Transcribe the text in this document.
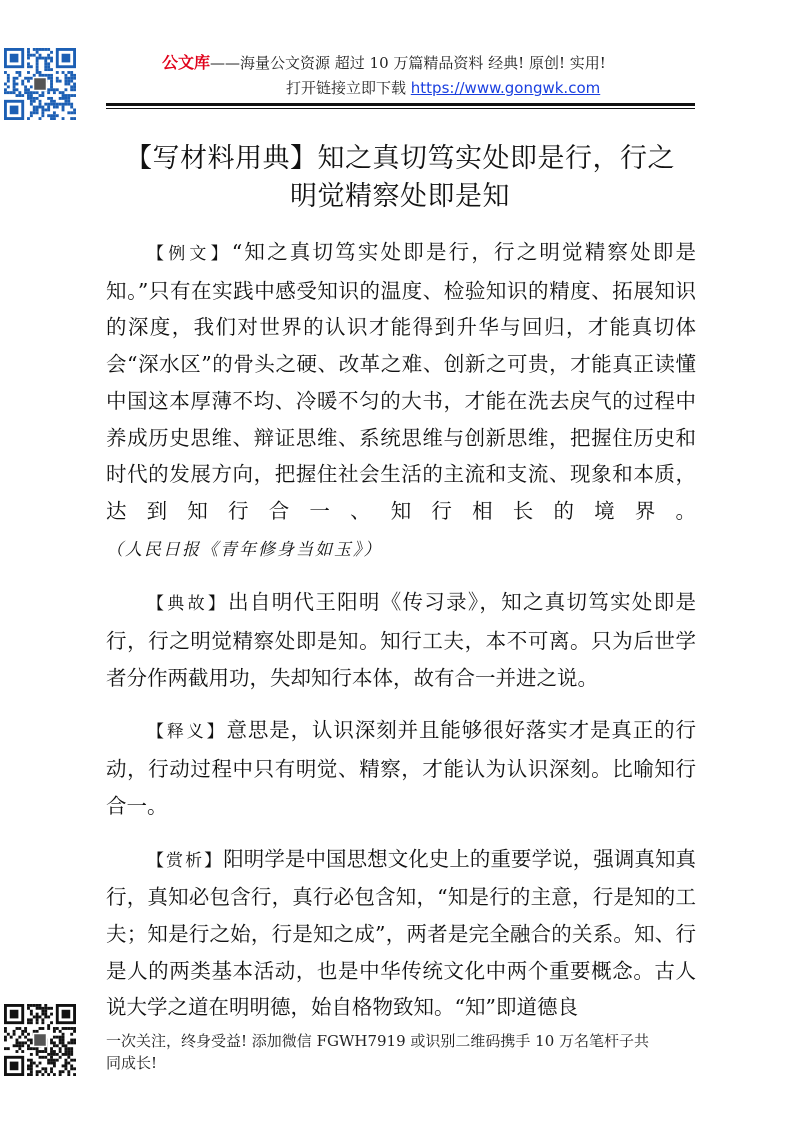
公文库——海量公文资源 超过 10 万篇精品资料 经典! 原创! 实用!
打开链接立即下载 https://www.gongwk.com
【写材料用典】知之真切笃实处即是行，行之
明觉精察处即是知

【例文】“知之真切笃实处即是行，行之明觉精察处即是知。”只有在实践中感受知识的温度、检验知识的精度、拓展知识的深度，我们对世界的认识才能得到升华与回归，才能真切体会“深水区”的骨头之硬、改革之难、创新之可贵，才能真正读懂中国这本厚薄不均、冷暖不匀的大书，才能在洗去戾气的过程中养成历史思维、辩证思维、系统思维与创新思维，把握住历史和时代的发展方向，把握住社会生活的主流和支流、现象和本质，达到知行合一、知行相长的境界。 （人民日报《青年修身当如玉》）

【典故】出自明代王阳明《传习录》，知之真切笃实处即是行，行之明觉精察处即是知。知行工夫，本不可离。只为后世学者分作两截用功，失却知行本体，故有合一并进之说。

【释义】意思是，认识深刻并且能够很好落实才是真正的行动，行动过程中只有明觉、精察，才能认为认识深刻。比喻知行合一。

【赏析】阳明学是中国思想文化史上的重要学说，强调真知真行，真知必包含行，真行必包含知，“知是行的主意，行是知的工夫；知是行之始，行是知之成”，两者是完全融合的关系。知、行是人的两类基本活动，也是中华传统文化中两个重要概念。古人说大学之道在明明德，始自格物致知。“知”即道德良

一次关注，终身受益! 添加微信 FGWH7919 或识别二维码携手 10 万名笔杆子共
同成长!
